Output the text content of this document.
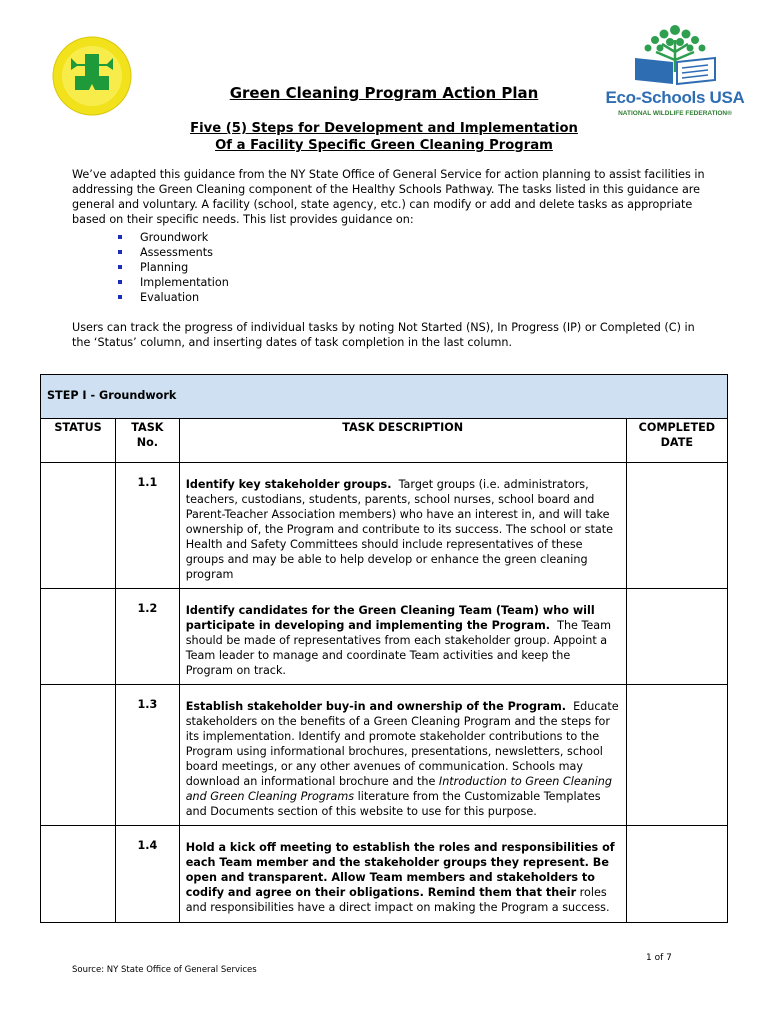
Eco-Schools USA
NATIONAL WILDLIFE FEDERATION®
Green Cleaning Program Action Plan
Five (5) Steps for Development and Implementation
Of a Facility Specific Green Cleaning Program

We’ve adapted this guidance from the NY State Office of General Service for action planning to assist facilities in addressing the Green Cleaning component of the Healthy Schools Pathway. The tasks listed in this guidance are general and voluntary. A facility (school, state agency, etc.) can modify or add and delete tasks as appropriate based on their specific needs. This list provides guidance on:

Groundwork
Assessments
Planning
Implementation
Evaluation
Users can track the progress of individual tasks by noting Not Started (NS), In Progress (IP) or Completed (C) in the ‘Status’ column, and inserting dates of task completion in the last column.
STEP I - Groundwork			
STATUS	TASK No.	TASK DESCRIPTION	COMPLETED DATE
	1.1	Identify key stakeholder groups. Target groups (i.e. administrators, teachers, custodians, students, parents, school nurses, school board and Parent-Teacher Association members) who have an interest in, and will take ownership of, the Program and contribute to its success. The school or state Health and Safety Committees should include representatives of these groups and may be able to help develop or enhance the green cleaning program	
	1.2	Identify candidates for the Green Cleaning Team (Team) who will participate in developing and implementing the Program. The Team should be made of representatives from each stakeholder group. Appoint a Team leader to manage and coordinate Team activities and keep the Program on track.	
	1.3	Establish stakeholder buy-in and ownership of the Program. Educate stakeholders on the benefits of a Green Cleaning Program and the steps for its implementation. Identify and promote stakeholder contributions to the Program using informational brochures, presentations, newsletters, school board meetings, or any other avenues of communication. Schools may download an informational brochure and the Introduction to Green Cleaning and Green Cleaning Programs literature from the Customizable Templates and Documents section of this website to use for this purpose.	
	1.4	Hold a kick off meeting to establish the roles and responsibilities of each Team member and the stakeholder groups they represent. Be open and transparent. Allow Team members and stakeholders to codify and agree on their obligations. Remind them that their roles and responsibilities have a direct impact on making the Program a success.	
1 of 7
Source: NY State Office of General Services
